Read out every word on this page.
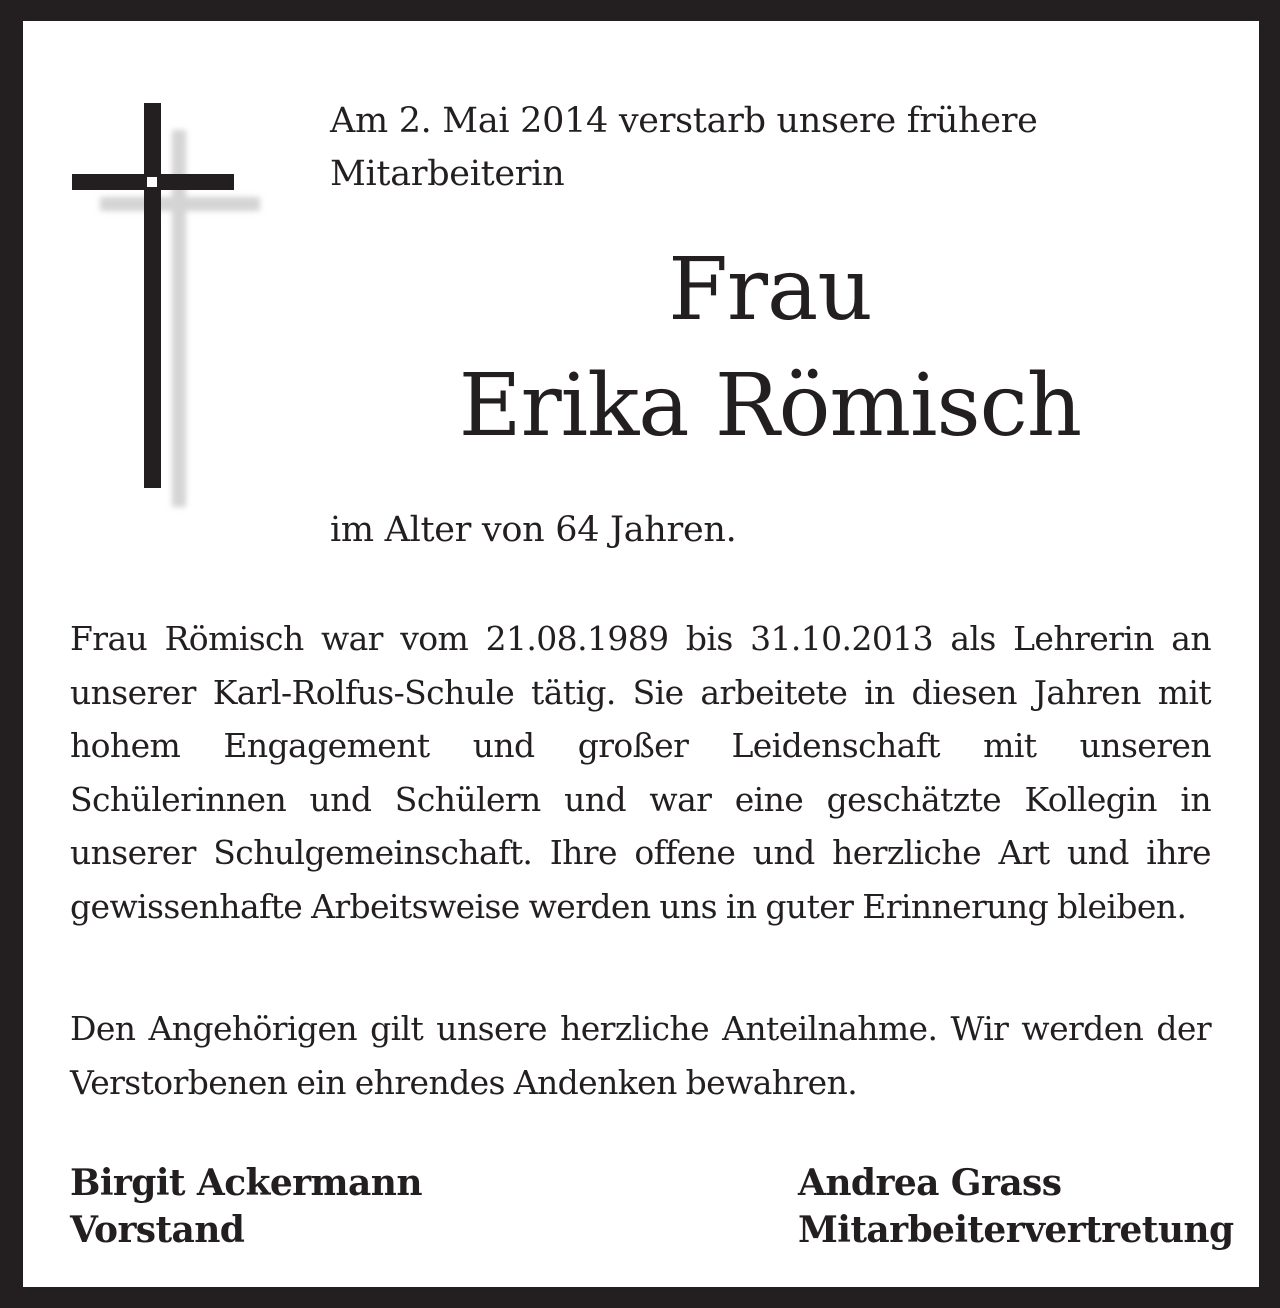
Am 2. Mai 2014 verstarb unsere frühere
Mitarbeiterin
Frau
Erika Römisch
im Alter von 64 Jahren.

Frau Römisch war vom 21.08.1989 bis 31.10.2013 als Lehrerin an unserer Karl-Rolfus-Schule tätig. Sie arbeitete in diesen Jahren mit hohem Engagement und großer Leidenschaft mit unseren Schülerinnen und Schülern und war eine geschätzte Kollegin in unserer Schulgemeinschaft. Ihre offene und herzliche Art und ihre gewissenhafte Arbeitsweise werden uns in guter Erinnerung bleiben.

Den Angehörigen gilt unsere herzliche Anteilnahme. Wir werden der Verstorbenen ein ehrendes Andenken bewahren.

Birgit Ackermann
Vorstand
Andrea Grass
Mitarbeitervertretung
